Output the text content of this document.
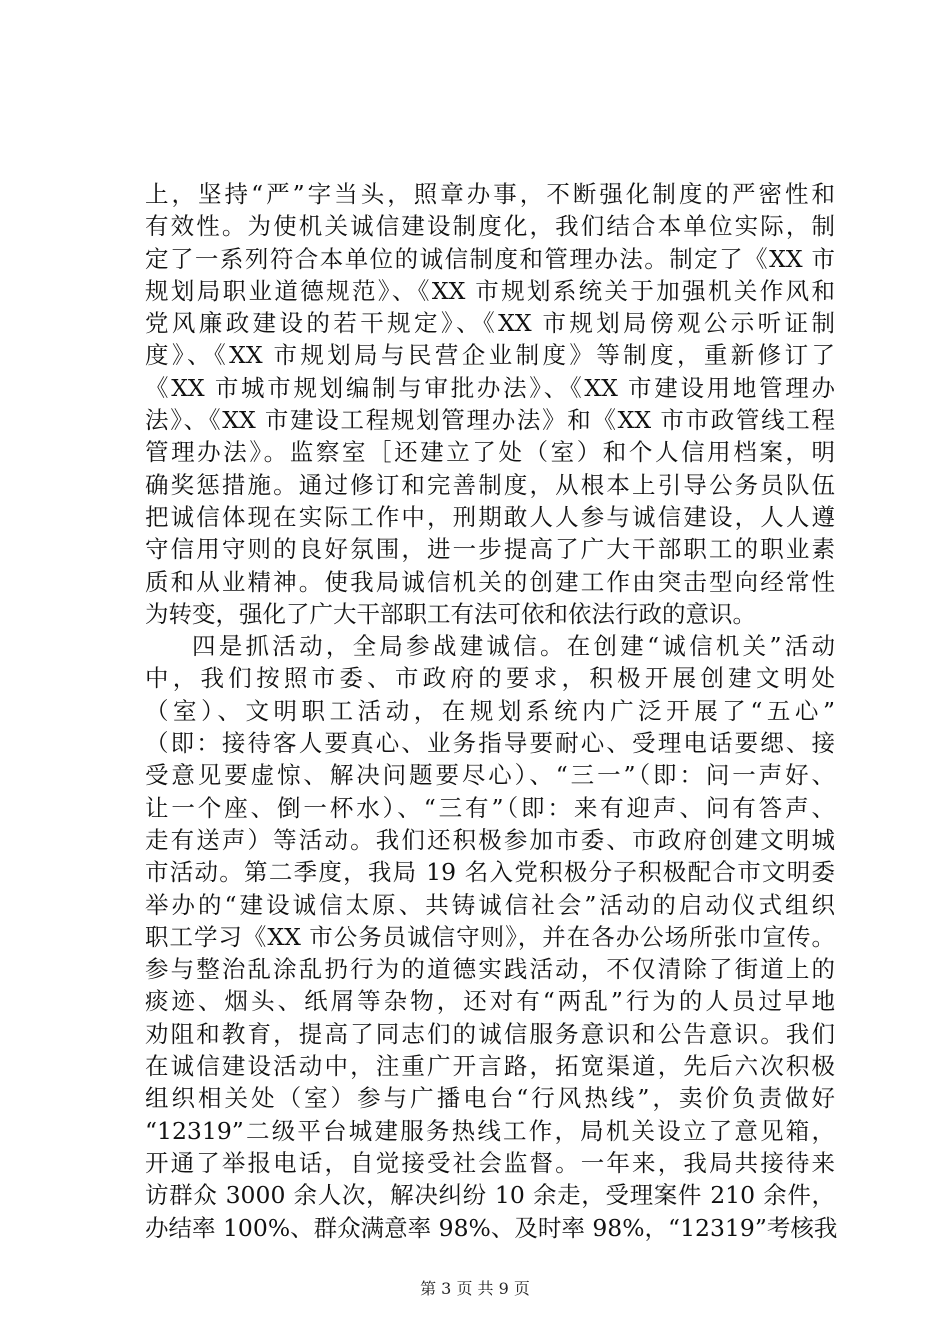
上，坚持“严”字当头，照章办事，不断强化制度的严密性和
有效性。为使机关诚信建设制度化，我们结合本单位实际，制
定了一系列符合本单位的诚信制度和管理办法。制定了《XX 市
规划局职业道德规范》、《XX 市规划系统关于加强机关作风和
党风廉政建设的若干规定》、《XX 市规划局傍观公示听证制
度》、《XX 市规划局与民营企业制度》等制度，重新修订了
《XX 市城市规划编制与审批办法》、《XX 市建设用地管理办
法》、《XX 市建设工程规划管理办法》和《XX 市市政管线工程
管理办法》。监察室［还建立了处（室）和个人信用档案，明
确奖惩措施。通过修订和完善制度，从根本上引导公务员队伍
把诚信体现在实际工作中，刑期敢人人参与诚信建设，人人遵
守信用守则的良好氛围，进一步提高了广大干部职工的职业素
质和从业精神。使我局诚信机关的创建工作由突击型向经常性
为转变，强化了广大干部职工有法可依和依法行政的意识。
四是抓活动，全局参战建诚信。在创建“诚信机关”活动
中，我们按照市委、市政府的要求，积极开展创建文明处
（室）、文明职工活动，在规划系统内广泛开展了“五心”
（即：接待客人要真心、业务指导要耐心、受理电话要缌、接
受意见要虚惊、解决问题要尽心）、“三一”（即：问一声好、
让一个座、倒一杯水）、“三有”（即：来有迎声、问有答声、
走有送声）等活动。我们还积极参加市委、市政府创建文明城
市活动。第二季度，我局 19 名入党积极分子积极配合市文明委
举办的“建设诚信太原、共铸诚信社会”活动的启动仪式组织
职工学习《XX 市公务员诚信守则》，并在各办公场所张巾宣传。
参与整治乱涂乱扔行为的道德实践活动，不仅清除了街道上的
痰迹、烟头、纸屑等杂物，还对有“两乱”行为的人员过早地
劝阻和教育，提高了同志们的诚信服务意识和公告意识。我们
在诚信建设活动中，注重广开言路，拓宽渠道，先后六次积极
组织相关处（室）参与广播电台“行风热线”，卖价负责做好
“12319”二级平台城建服务热线工作，局机关设立了意见箱，
开通了举报电话，自觉接受社会监督。一年来，我局共接待来
访群众 3000 余人次，解决纠纷 10 余走，受理案件 210 余件，
办结率 100%、群众满意率 98%、及时率 98%，“12319”考核我
第 3 页 共 9 页
